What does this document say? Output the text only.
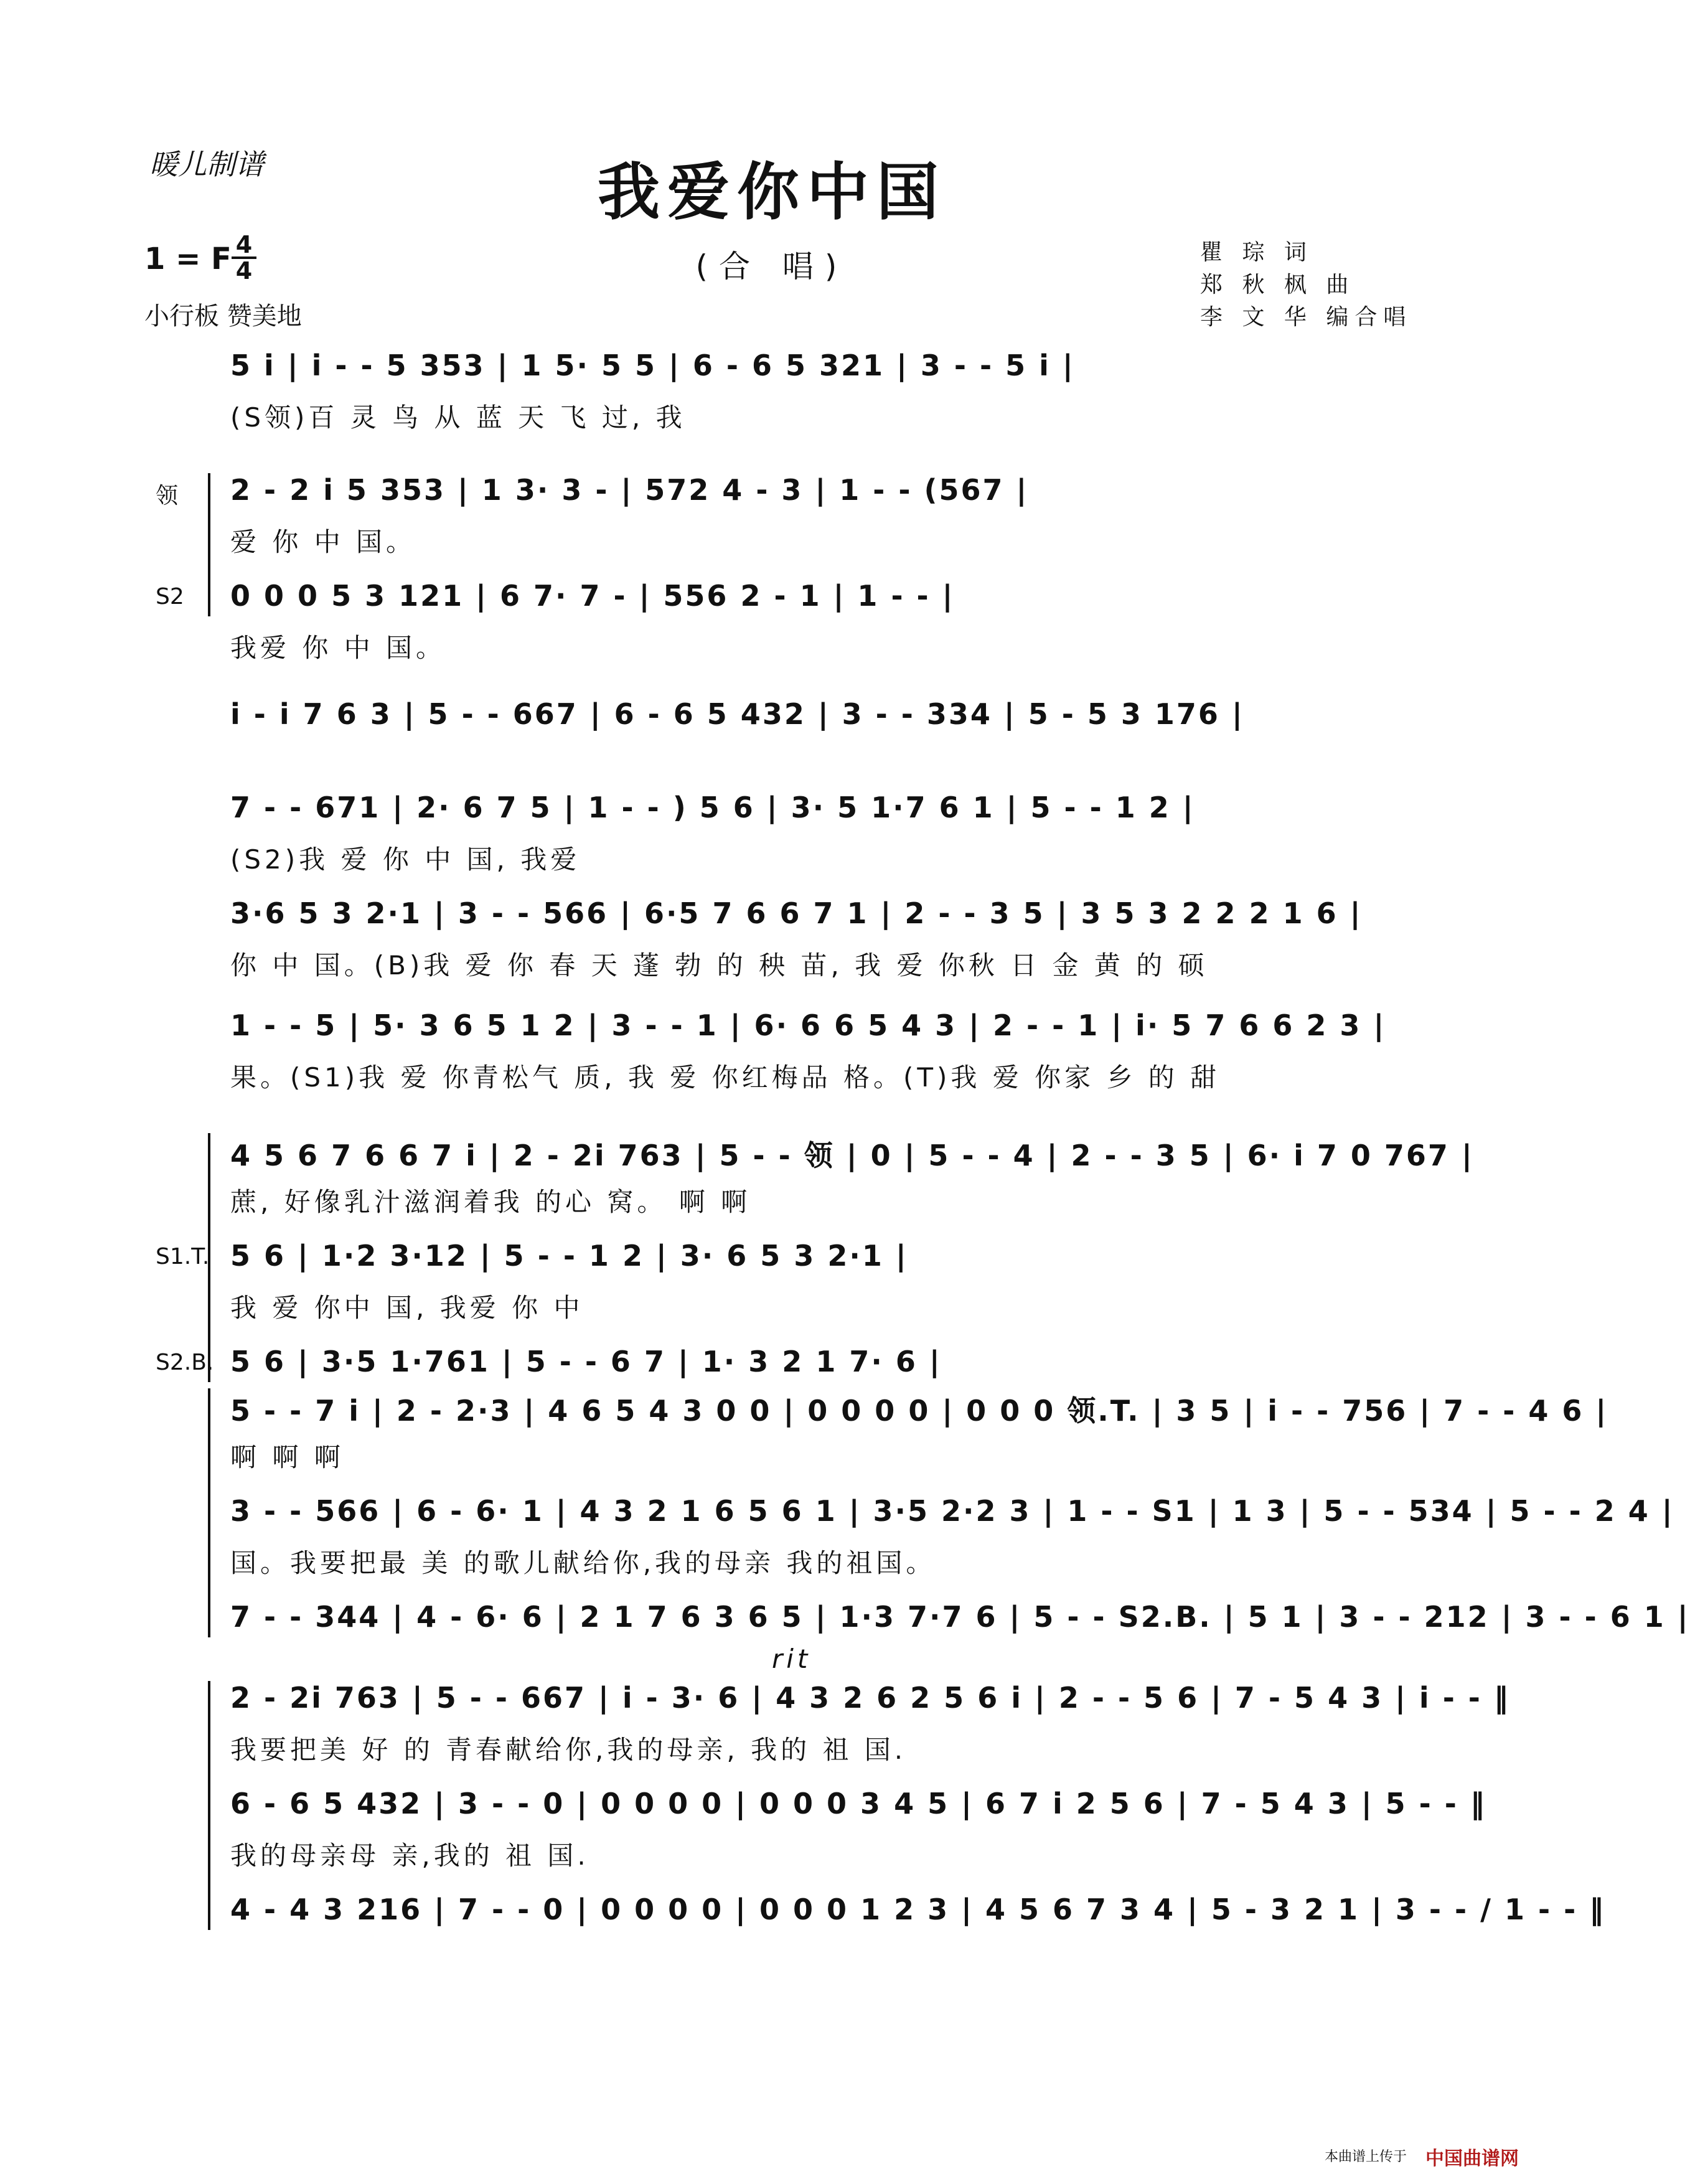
暖儿制谱	我爱你中国
(合 唱)
1 = F 4
4
小行板 赞美地
瞿 琮 词
郑 秋 枫 曲
李 文 华 编合唱
5 i | i - - 5 353 | 1 5· 5 5 | 6 - 6 5 321 | 3 - - 5 i |
(S领)百 灵 鸟 从 蓝 天 飞 过, 我
领 2 - 2 i 5 353 | 1 3· 3 - | 572 4 - 3 | 1 - - (567 |
爱 你 中 国。
S2 0 0 0 5 3 121 | 6 7· 7 - | 556 2 - 1 | 1 - - |
我爱 你 中 国。
i - i 7 6 3 | 5 - - 667 | 6 - 6 5 432 | 3 - - 334 | 5 - 5 3 176 |
7 - - 671 | 2· 6 7 5 | 1 - - ) 5 6 | 3· 5 1·7 6 1 | 5 - - 1 2 |
(S2)我 爱 你 中 国, 我爱
3·6 5 3 2·1 | 3 - - 566 | 6·5 7 6 6 7 1 | 2 - - 3 5 | 3 5 3 2 2 2 1 6 |
你 中 国。(B)我 爱 你 春 天 蓬 勃 的 秧 苗, 我 爱 你秋 日 金 黄 的 硕
1 - - 5 | 5· 3 6 5 1 2 | 3 - - 1 | 6· 6 6 5 4 3 | 2 - - 1 | i· 5 7 6 6 2 3 |
果。(S1)我 爱 你青松气 质, 我 爱 你红梅品 格。(T)我 爱 你家 乡 的 甜
4 5 6 7 6 6 7 i | 2 - 2i 763 | 5 - - 领 | 0 | 5 - - 4 | 2 - - 3 5 | 6· i 7 0 767 |
蔗, 好像乳汁滋润着我 的心 窝。 啊 啊
S1.T. 5 6 | 1·2 3·12 | 5 - - 1 2 | 3· 6 5 3 2·1 |
我 爱 你中 国, 我爱 你 中
S2.B. 5 6 | 3·5 1·761 | 5 - - 6 7 | 1· 3 2 1 7· 6 |
5 - - 7 i | 2 - 2·3 | 4 6 5 4 3 0 0 | 0 0 0 0 | 0 0 0 领.T. | 3 5 | i - - 756 | 7 - - 4 6 |
啊 啊 啊
3 - - 566 | 6 - 6· 1 | 4 3 2 1 6 5 6 1 | 3·5 2·2 3 | 1 - - S1 | 1 3 | 5 - - 534 | 5 - - 2 4 |
国。我要把最 美 的歌儿献给你,我的母亲 我的祖国。
7 - - 344 | 4 - 6· 6 | 2 1 7 6 3 6 5 | 1·3 7·7 6 | 5 - - S2.B. | 5 1 | 3 - - 212 | 3 - - 6 1 |
2 - 2i 763 | 5 - - 667 | i - 3· 6 | 4 3 2 6 2 5 6 i | 2 - - 5 6 | 7 - 5 4 3 | i - - ‖
我要把美 好 的 青春献给你,我的母亲, 我的 祖 国.
rit
6 - 6 5 432 | 3 - - 0 | 0 0 0 0 | 0 0 0 3 4 5 | 6 7 i 2 5 6 | 7 - 5 4 3 | 5 - - ‖
我的母亲母 亲,我的 祖 国.
4 - 4 3 216 | 7 - - 0 | 0 0 0 0 | 0 0 0 1 2 3 | 4 5 6 7 3 4 | 5 - 3 2 1 | 3 - - / 1 - - ‖
本曲谱上传于 中国曲谱网
